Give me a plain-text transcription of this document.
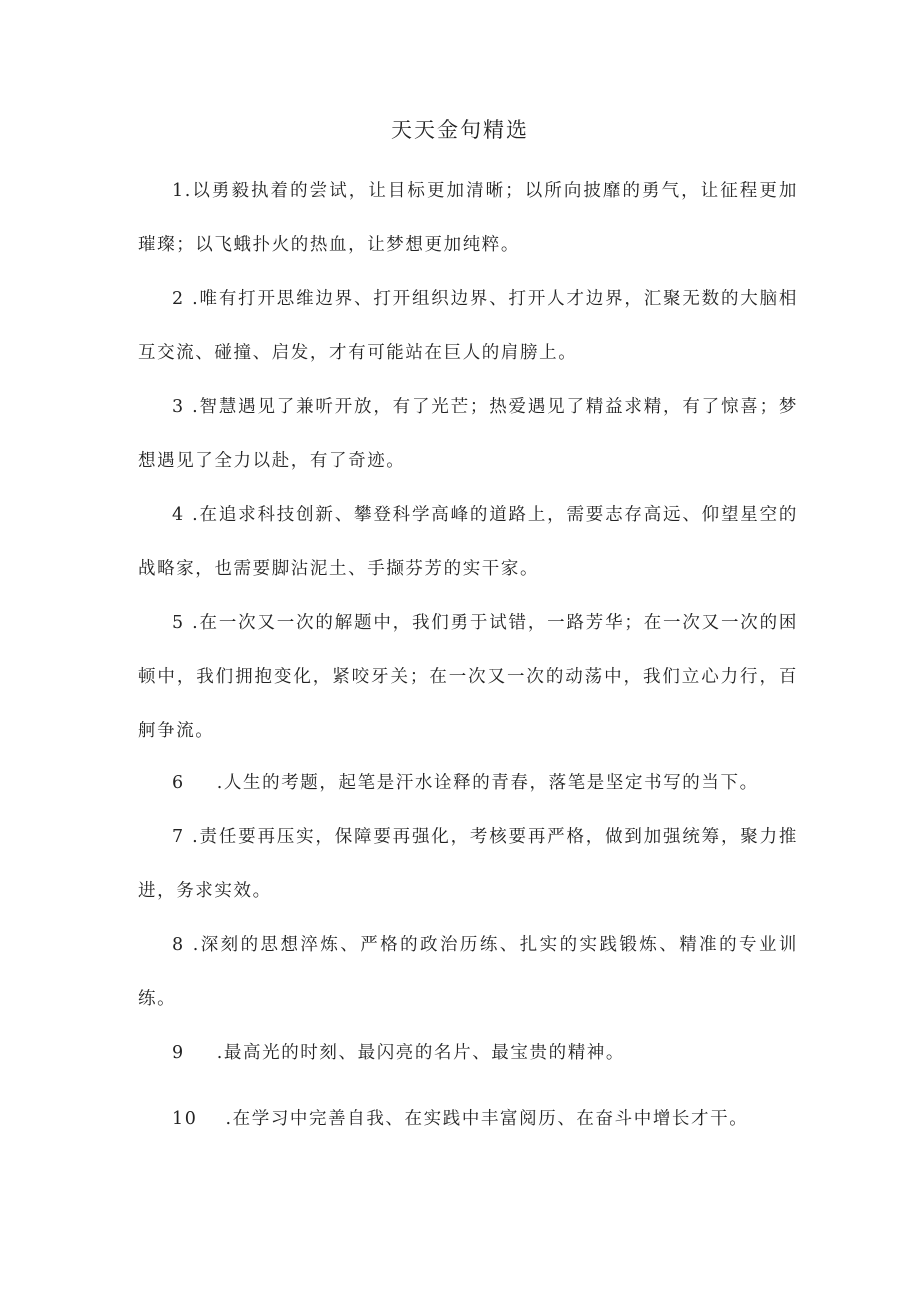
天天金句精选

1.以勇毅执着的尝试，让目标更加清晰；以所向披靡的勇气，让征程更加璀璨；以飞蛾扑火的热血，让梦想更加纯粹。

2 .唯有打开思维边界、打开组织边界、打开人才边界，汇聚无数的大脑相互交流、碰撞、启发，才有可能站在巨人的肩膀上。

3 .智慧遇见了兼听开放，有了光芒；热爱遇见了精益求精，有了惊喜；梦想遇见了全力以赴，有了奇迹。

4 .在追求科技创新、攀登科学高峰的道路上，需要志存高远、仰望星空的战略家，也需要脚沾泥土、手撷芬芳的实干家。

5 .在一次又一次的解题中，我们勇于试错，一路芳华；在一次又一次的困顿中，我们拥抱变化，紧咬牙关；在一次又一次的动荡中，我们立心力行，百舸争流。

6 .人生的考题，起笔是汗水诠释的青春，落笔是坚定书写的当下。

7 .责任要再压实，保障要再强化，考核要再严格，做到加强统筹，聚力推进，务求实效。

8 .深刻的思想淬炼、严格的政治历练、扎实的实践锻炼、精准的专业训练。

9 .最高光的时刻、最闪亮的名片、最宝贵的精神。

10 .在学习中完善自我、在实践中丰富阅历、在奋斗中增长才干。
